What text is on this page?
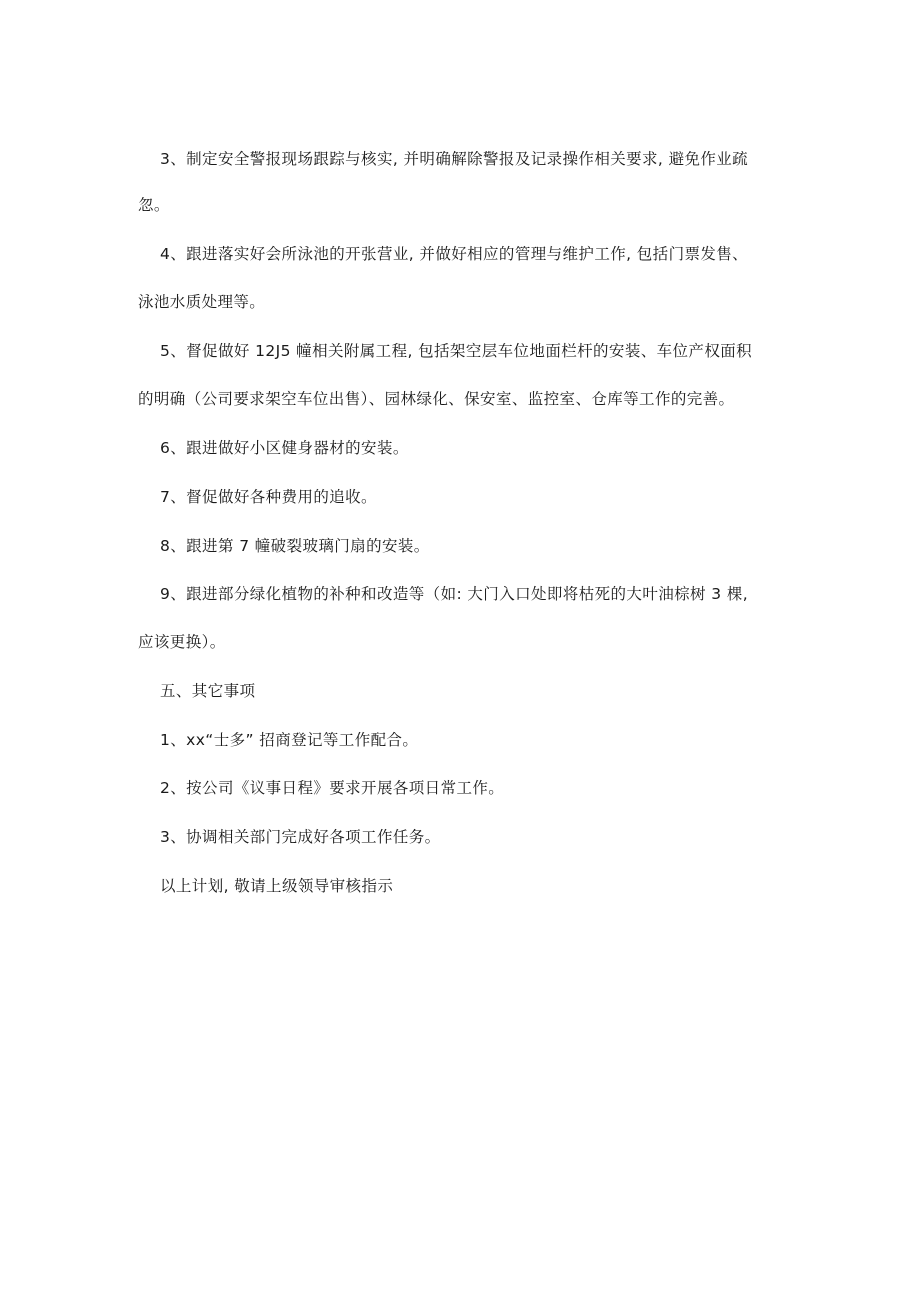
3、制定安全警报现场跟踪与核实, 并明确解除警报及记录操作相关要求, 避免作业疏

忽。

4、跟进落实好会所泳池的开张营业, 并做好相应的管理与维护工作, 包括门票发售、

泳池水质处理等。

5、督促做好 12J5 幢相关附属工程, 包括架空层车位地面栏杆的安装、车位产权面积

的明确（公司要求架空车位出售）、园林绿化、保安室、监控室、仓库等工作的完善。

6、跟进做好小区健身器材的安装。

7、督促做好各种费用的追收。

8、跟进第 7 幢破裂玻璃门扇的安装。

9、跟进部分绿化植物的补种和改造等（如: 大门入口处即将枯死的大叶油棕树 3 棵,

应该更换）。

五、其它事项

1、xx“士多” 招商登记等工作配合。

2、按公司《议事日程》要求开展各项日常工作。

3、协调相关部门完成好各项工作任务。

以上计划, 敬请上级领导审核指示
